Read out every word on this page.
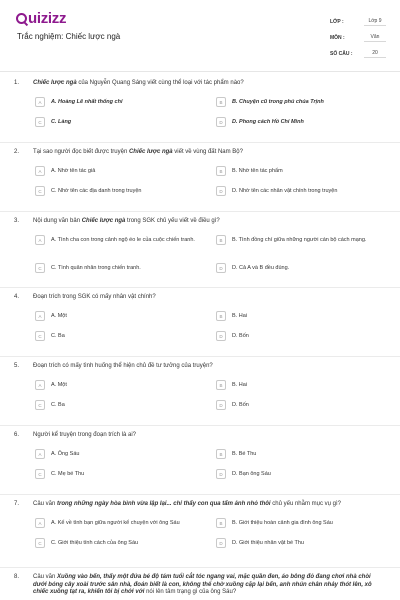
uizizz
Trắc nghiệm: Chiếc lược ngà
LỚP :	Lớp 9
MÔN :	Văn
SỐ CÂU :	20
1. Chiếc lược ngà của Nguyễn Quang Sáng viết cùng thể loại với tác phẩm nào?
A	A. Hoàng Lê nhất thống chí	B	B. Chuyện cũ trong phủ chúa Trịnh
C	C. Làng	D	D. Phong cách Hồ Chí Minh
2. Tại sao người đọc biết được truyện Chiếc lược ngà viết về vùng đất Nam Bộ?
A	A. Nhờ tên tác giả	B	B. Nhờ tên tác phẩm
C	C. Nhờ tên các địa danh trong truyện	D	D. Nhờ tên các nhân vật chính trong truyện
3. Nội dung văn bản Chiếc lược ngà trong SGK chủ yếu viết về điều gì?
A	A. Tình cha con trong cảnh ngộ éo le của cuộc chiến tranh.	B	B. Tình đồng chí giữa những người cán bộ cách mạng.
C	C. Tình quân nhân trong chiến tranh.	D	D. Cả A và B đều đúng.
4. Đoạn trích trong SGK có mấy nhân vật chính?
A	A. Một	B	B. Hai
C	C. Ba	D	D. Bốn
5. Đoạn trích có mấy tình huống thể hiện chủ đề tư tưởng của truyện?
A	A. Một	B	B. Hai
C	C. Ba	D	D. Bốn
6. Người kể truyện trong đoạn trích là ai?
A	A. Ông Sáu	B	B. Bé Thu
C	C. Mẹ bé Thu	D	D. Bạn ông Sáu
7. Câu văn trong những ngày hòa bình vừa lập lại... chỉ thấy con qua tấm ảnh nhỏ thôi chủ yếu nhằm mục vụ gì?
A	A. Kể về tình bạn giữa người kể chuyện với ông Sáu	B	B. Giới thiệu hoàn cảnh gia đình ông Sáu
C	C. Giới thiệu tính cách của ông Sáu	D	D. Giới thiệu nhân vật bé Thu
8. Câu văn Xuồng vào bến, thấy một đứa bé độ tám tuổi cắt tóc ngang vai, mặc quần đen, áo bông đỏ đang chơi nhà chòi dưới bóng cây xoài trước sân nhà, đoán biết là con, không thể chờ xuồng cặp lại bến, anh nhún chân nhảy thót lên, xô chiếc xuồng tạt ra, khiến tôi bị chới với nói lên tâm trạng gì của ông Sáu?
